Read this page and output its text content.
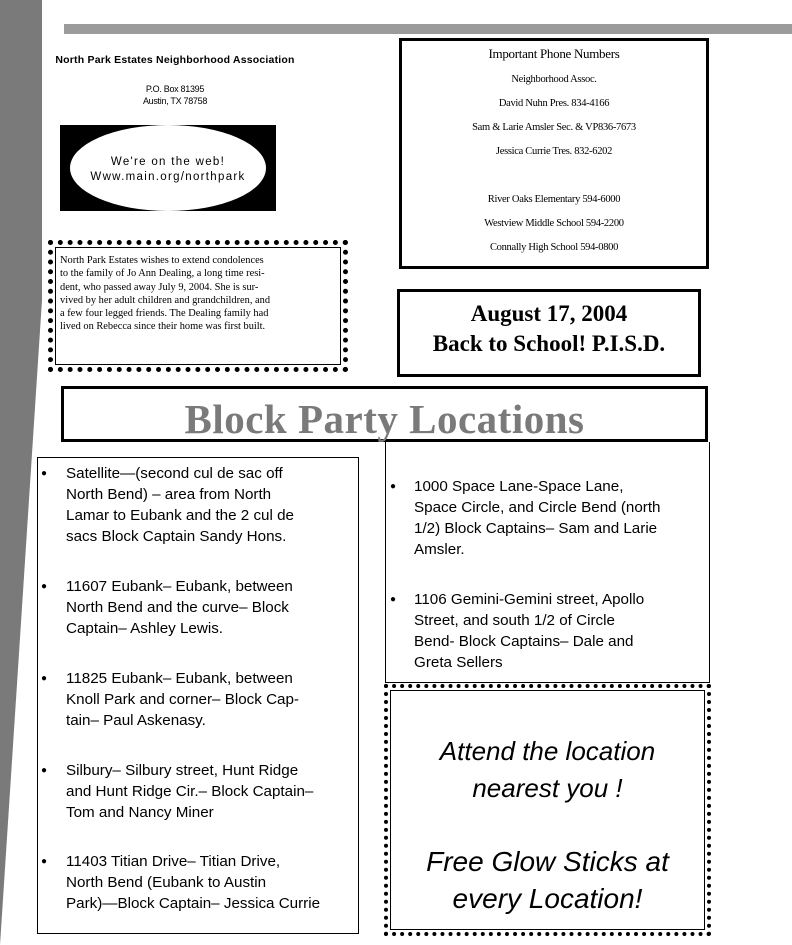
North Park Estates Neighborhood Association
P.O. Box 81395
Austin, TX 78758
We're on the web!
Www.main.org/northpark
North Park Estates wishes to extend condolences
to the family of Jo Ann Dealing, a long time resi-
dent, who passed away July 9, 2004. She is sur-
vived by her adult children and grandchildren, and
a few four legged friends. The Dealing family had
lived on Rebecca since their home was first built.
Important Phone Numbers
Neighborhood Assoc.
David Nuhn Pres. 834-4166
Sam & Larie Amsler Sec. & VP836-7673
Jessica Currie Tres. 832-6202
River Oaks Elementary 594-6000
Westview Middle School 594-2200
Connally High School 594-0800
August 17, 2004
Back to School! P.I.S.D.
Block Party Locations
● Satellite—(second cul de sac off
North Bend) – area from North
Lamar to Eubank and the 2 cul de
sacs Block Captain Sandy Hons.
● 11607 Eubank– Eubank, between
North Bend and the curve– Block
Captain– Ashley Lewis.
● 11825 Eubank– Eubank, between
Knoll Park and corner– Block Cap-
tain– Paul Askenasy.
● Silbury– Silbury street, Hunt Ridge
and Hunt Ridge Cir.– Block Captain–
Tom and Nancy Miner
● 11403 Titian Drive– Titian Drive,
North Bend (Eubank to Austin
Park)—Block Captain– Jessica Currie
● 1000 Space Lane-Space Lane,
Space Circle, and Circle Bend (north
1/2) Block Captains– Sam and Larie
Amsler.
● 1106 Gemini-Gemini street, Apollo
Street, and south 1/2 of Circle
Bend- Block Captains– Dale and
Greta Sellers
Attend the location
nearest you !
Free Glow Sticks at
every Location!
